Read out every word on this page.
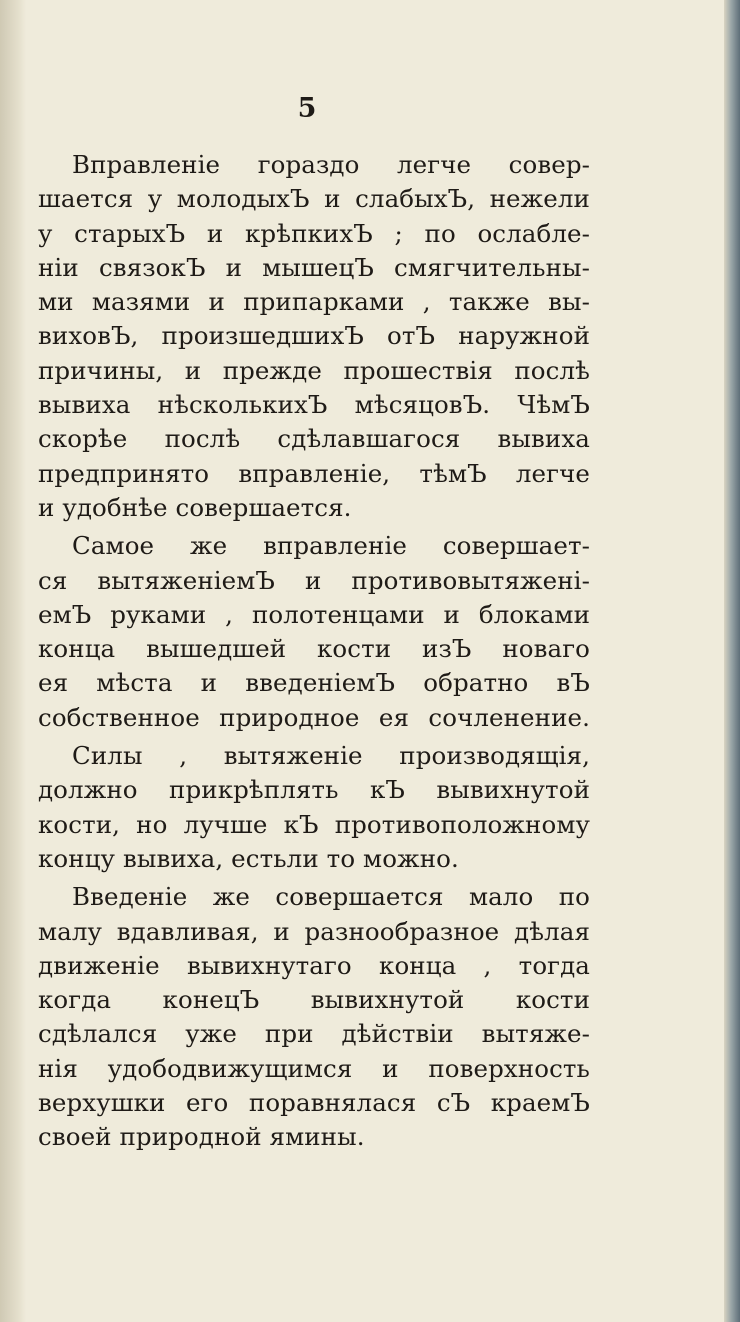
5
Вправленіе гораздо легче совер-
шается у молодыхЪ и слабыхЪ, нежели
у старыхЪ и крѣпкихЪ ; по ослабле-
ніи связокЪ и мышецЪ смягчительны-
ми мазями и припарками , также вы-
виховЪ, произшедшихЪ отЪ наружной
причины, и прежде прошествія послѣ
вывиха нѣсколькихЪ мѣсяцовЪ. ЧѣмЪ
скорѣе послѣ сдѣлавшагося вывиха
предпринято вправленіе, тѣмЪ легче
и удобнѣе совершается.
Самое же вправленіе совершает-
ся вытяженіемЪ и противовытяжені-
емЪ руками , полотенцами и блоками
конца вышедшей кости изЪ новаго
ея мѣста и введеніемЪ обратно вЪ
собственное природное ея сочленение.
Силы , вытяженіе производящія,
должно прикрѣплять кЪ вывихнутой
кости, но лучше кЪ противоположному
концу вывиха, естьли то можно.
Введеніе же совершается мало по
малу вдавливая, и разнообразное дѣлая
движеніе вывихнутаго конца , тогда
когда конецЪ вывихнутой кости
сдѣлался уже при дѣйствіи вытяже-
нія удободвижущимся и поверхность
верхушки его поравнялася сЪ краемЪ
своей природной ямины.
